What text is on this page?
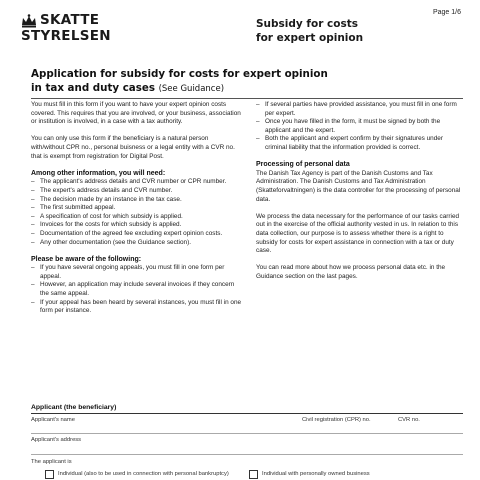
SKATTE
STYRELSEN
Subsidy for costs
for expert opinion
Page 1/6
Application for subsidy for costs for expert opinion
in tax and duty cases (See Guidance)

You must fill in this form if you want to have your expert opinion costs covered. This requires that you are involved, or your business, association or institution is involved, in a case with a tax authority.

You can only use this form if the beneficiary is a natural person with/without CPR no., personal buisness or a legal entity with a CVR no. that is exempt from registration for Digital Post.

Among other information, you will need:
– The applicant's address details and CVR number or CPR number.
– The expert's address details and CVR number.
– The decision made by an instance in the tax case.
– The first submitted appeal.
– A specification of cost for which subsidy is applied.
– Invoices for the costs for which subsidy is applied.
– Documentation of the agreed fee excluding expert opinion costs.
– Any other documentation (see the Guidance section).
Please be aware of the following:
– If you have several ongoing appeals, you must fill in one form per appeal.
– However, an application may include several invoices if they concern the same appeal.
– If your appeal has been heard by several instances, you must fill in one form per instance.
– If several parties have provided assistance, you must fill in one form per expert.
– Once you have filled in the form, it must be signed by both the applicant and the expert.
– Both the applicant and expert confirm by their signatures under criminal liability that the information provided is correct.
Processing of personal data

The Danish Tax Agency is part of the Danish Customs and Tax Administration. The Danish Customs and Tax Administration (Skatteforvaltningen) is the data controller for the processing of personal data.

We process the data necessary for the performance of our tasks carried out in the exercise of the official authority vested in us. In relation to this data collection, our purpose is to assess whether there is a right to subsidy for costs for expert assistance in connection with a tax or duty case.

You can read more about how we process personal data etc. in the Guidance section on the last pages.

Applicant (the beneficiary)
Applicant's name	Civil registration (CPR) no.	CVR no.
Applicant's address
The applicant is
Individual (also to be used in connection with personal bankruptcy)	Individual with personally owned business
